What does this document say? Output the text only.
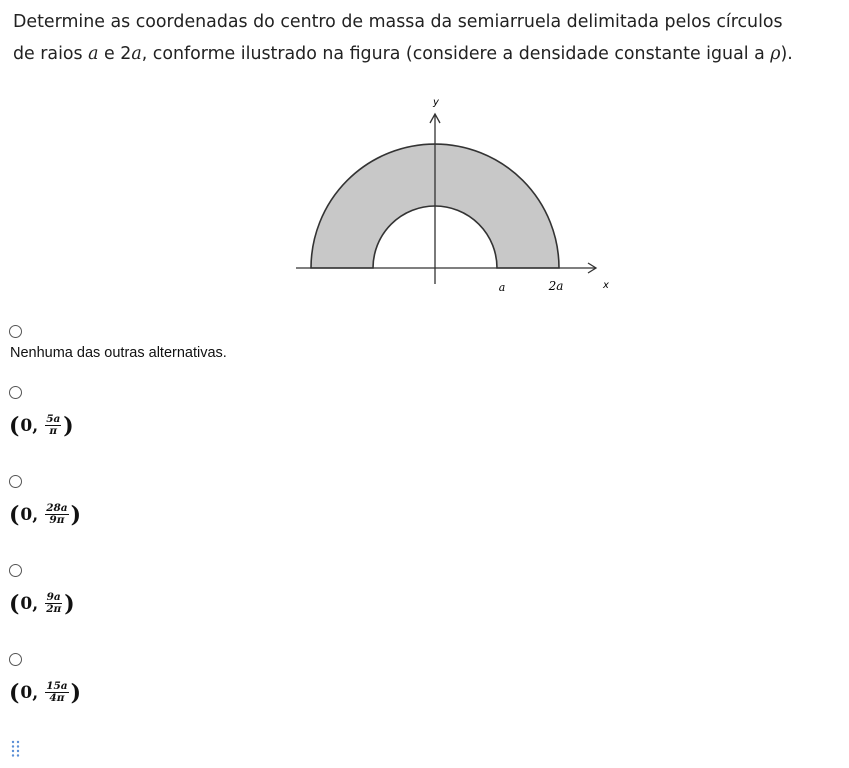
Determine as coordenadas do centro de massa da semiarruela delimitada pelos círculos
de raios a e 2a, conforme ilustrado na figura (considere a densidade constante igual a ρ).
y
x
a	2a
Nenhuma das outras alternativas.
( 0 , $\frac{5a}{\pi}$ )
( 0 , $\frac{28a}{9\pi}$ )
( 0 , $\frac{9a}{2\pi}$ )
( 0 , $\frac{15a}{4\pi}$ )
